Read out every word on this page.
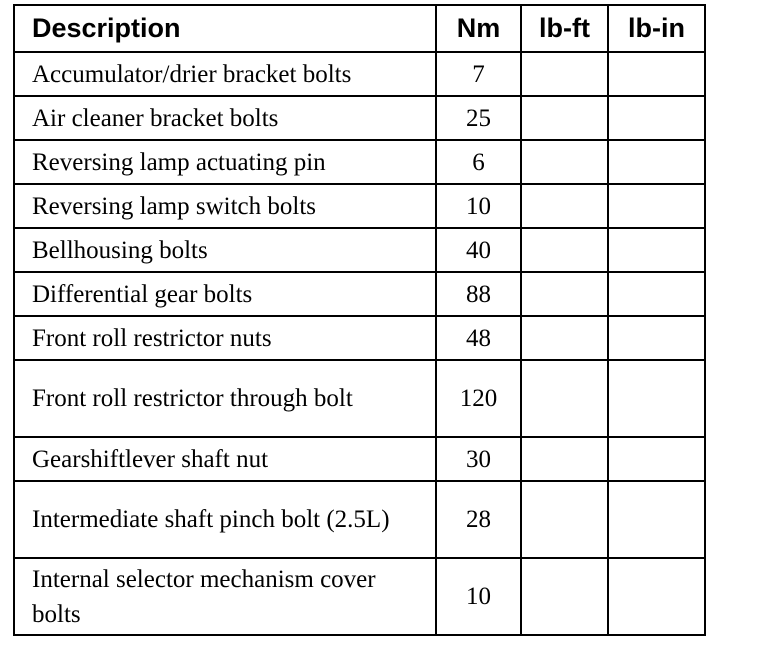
Description	Nm	lb-ft	lb-in
Accumulator/drier bracket bolts	7		
Air cleaner bracket bolts	25		
Reversing lamp actuating pin	6		
Reversing lamp switch bolts	10		
Bellhousing bolts	40		
Differential gear bolts	88		
Front roll restrictor nuts	48		
Front roll restrictor through bolt	120		
Gearshiftlever shaft nut	30		
Intermediate shaft pinch bolt (2.5L)	28		
Internal selector mechanism cover bolts	10		
